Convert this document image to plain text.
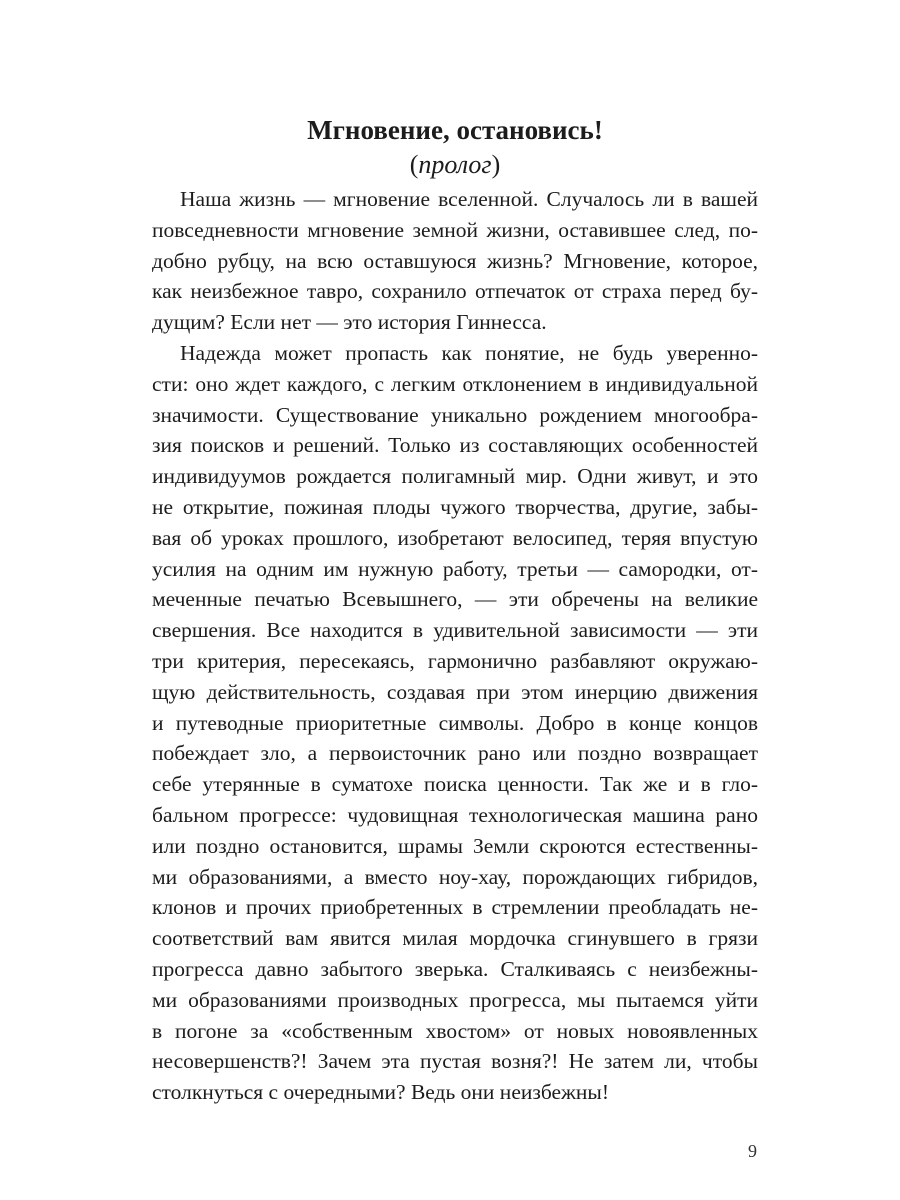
Мгновение, остановись!
(пролог)
Наша жизнь — мгновение вселенной. Случалось ли в вашей
повседневности мгновение земной жизни, оставившее след, по-
добно рубцу, на всю оставшуюся жизнь? Мгновение, которое,
как неизбежное тавро, сохранило отпечаток от страха перед бу-
дущим? Если нет — это история Гиннесса.
Надежда может пропасть как понятие, не будь уверенно-
сти: оно ждет каждого, с легким отклонением в индивидуальной
значимости. Существование уникально рождением многообра-
зия поисков и решений. Только из составляющих особенностей
индивидуумов рождается полигамный мир. Одни живут, и это
не открытие, пожиная плоды чужого творчества, другие, забы-
вая об уроках прошлого, изобретают велосипед, теряя впустую
усилия на одним им нужную работу, третьи — самородки, от-
меченные печатью Всевышнего, — эти обречены на великие
свершения. Все находится в удивительной зависимости — эти
три критерия, пересекаясь, гармонично разбавляют окружаю-
щую действительность, создавая при этом инерцию движения
и путеводные приоритетные символы. Добро в конце концов
побеждает зло, а первоисточник рано или поздно возвращает
себе утерянные в суматохе поиска ценности. Так же и в гло-
бальном прогрессе: чудовищная технологическая машина рано
или поздно остановится, шрамы Земли скроются естественны-
ми образованиями, а вместо ноу-хау, порождающих гибридов,
клонов и прочих приобретенных в стремлении преобладать не-
соответствий вам явится милая мордочка сгинувшего в грязи
прогресса давно забытого зверька. Сталкиваясь с неизбежны-
ми образованиями производных прогресса, мы пытаемся уйти
в погоне за «собственным хвостом» от новых новоявленных
несовершенств?! Зачем эта пустая возня?! Не затем ли, чтобы
столкнуться с очередными? Ведь они неизбежны!
9
